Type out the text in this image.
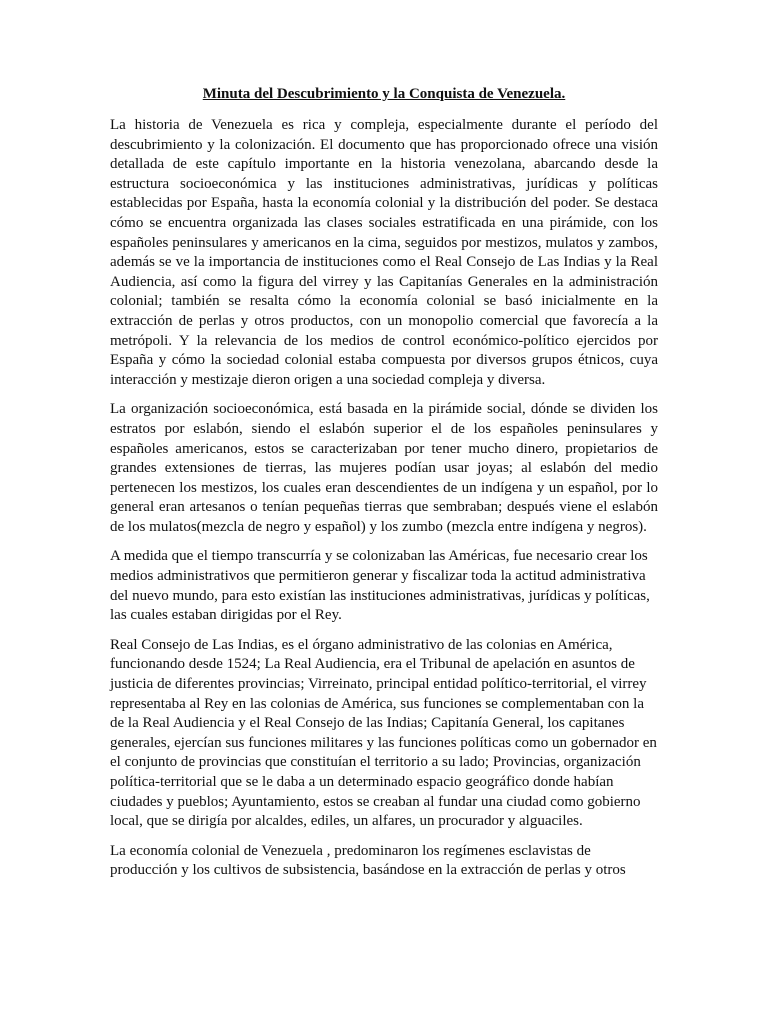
Minuta del Descubrimiento y la Conquista de Venezuela.

La historia de Venezuela es rica y compleja, especialmente durante el período del descubrimiento y la colonización. El documento que has proporcionado ofrece una visión detallada de este capítulo importante en la historia venezolana, abarcando desde la estructura socioeconómica y las instituciones administrativas, jurídicas y políticas establecidas por España, hasta la economía colonial y la distribución del poder. Se destaca cómo se encuentra organizada las clases sociales estratificada en una pirámide, con los españoles peninsulares y americanos en la cima, seguidos por mestizos, mulatos y zambos, además se ve la importancia de instituciones como el Real Consejo de Las Indias y la Real Audiencia, así como la figura del virrey y las Capitanías Generales en la administración colonial; también se resalta cómo la economía colonial se basó inicialmente en la extracción de perlas y otros productos, con un monopolio comercial que favorecía a la metrópoli. Y la relevancia de los medios de control económico-político ejercidos por España y cómo la sociedad colonial estaba compuesta por diversos grupos étnicos, cuya interacción y mestizaje dieron origen a una sociedad compleja y diversa.

La organización socioeconómica, está basada en la pirámide social, dónde se dividen los estratos por eslabón, siendo el eslabón superior el de los españoles peninsulares y españoles americanos, estos se caracterizaban por tener mucho dinero, propietarios de grandes extensiones de tierras, las mujeres podían usar joyas; al eslabón del medio pertenecen los mestizos, los cuales eran descendientes de un indígena y un español, por lo general eran artesanos o tenían pequeñas tierras que sembraban; después viene el eslabón de los mulatos(mezcla de negro y español) y los zumbo (mezcla entre indígena y negros).

A medida que el tiempo transcurría y se colonizaban las Américas, fue necesario crear los medios administrativos que permitieron generar y fiscalizar toda la actitud administrativa del nuevo mundo, para esto existían las instituciones administrativas, jurídicas y políticas, las cuales estaban dirigidas por el Rey.

Real Consejo de Las Indias, es el órgano administrativo de las colonias en América, funcionando desde 1524; La Real Audiencia, era el Tribunal de apelación en asuntos de justicia de diferentes provincias; Virreinato, principal entidad político-territorial, el virrey representaba al Rey en las colonias de América, sus funciones se complementaban con la de la Real Audiencia y el Real Consejo de las Indias; Capitanía General, los capitanes generales, ejercían sus funciones militares y las funciones políticas como un gobernador en el conjunto de provincias que constituían el territorio a su lado; Provincias, organización política-territorial que se le daba a un determinado espacio geográfico donde habían ciudades y pueblos; Ayuntamiento, estos se creaban al fundar una ciudad como gobierno local, que se dirigía por alcaldes, ediles, un alfares, un procurador y alguaciles.

La economía colonial de Venezuela , predominaron los regímenes esclavistas de producción y los cultivos de subsistencia, basándose en la extracción de perlas y otros
